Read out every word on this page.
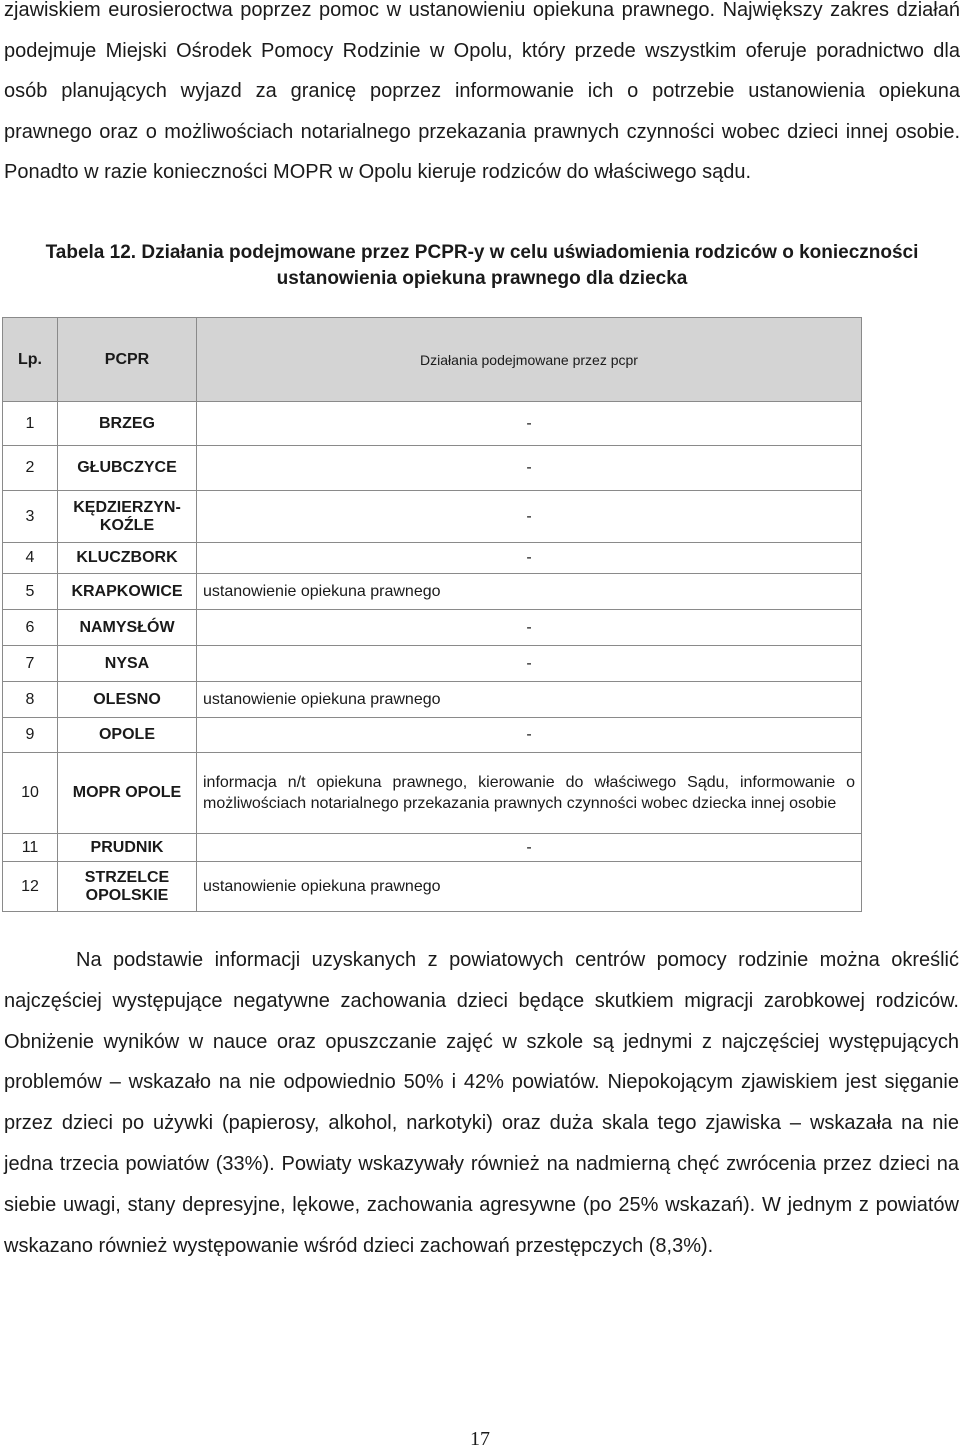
zjawiskiem eurosieroctwa poprzez pomoc w ustanowieniu opiekuna prawnego. Największy zakres działań podejmuje Miejski Ośrodek Pomocy Rodzinie w Opolu, który przede wszystkim oferuje poradnictwo dla osób planujących wyjazd za granicę poprzez informowanie ich o potrzebie ustanowienia opiekuna prawnego oraz o możliwościach notarialnego przekazania prawnych czynności wobec dzieci innej osobie. Ponadto w razie konieczności MOPR w Opolu kieruje rodziców do właściwego sądu.

Tabela 12. Działania podejmowane przez PCPR-y w celu uświadomienia rodziców o konieczności ustanowienia opiekuna prawnego dla dziecka
Lp.	PCPR	Działania podejmowane przez pcpr
1	BRZEG	-
2	GŁUBCZYCE	-
3	KĘDZIERZYN-KOŹLE	-
4	KLUCZBORK	-
5	KRAPKOWICE	ustanowienie opiekuna prawnego
6	NAMYSŁÓW	-
7	NYSA	-
8	OLESNO	ustanowienie opiekuna prawnego
9	OPOLE	-
10	MOPR OPOLE	informacja n/t opiekuna prawnego, kierowanie do właściwego Sądu, informowanie o możliwościach notarialnego przekazania prawnych czynności wobec dziecka innej osobie
11	PRUDNIK	-
12	STRZELCE OPOLSKIE	ustanowienie opiekuna prawnego

Na podstawie informacji uzyskanych z powiatowych centrów pomocy rodzinie można określić najczęściej występujące negatywne zachowania dzieci będące skutkiem migracji zarobkowej rodziców. Obniżenie wyników w nauce oraz opuszczanie zajęć w szkole są jednymi z najczęściej występujących problemów – wskazało na nie odpowiednio 50% i 42% powiatów. Niepokojącym zjawiskiem jest sięganie przez dzieci po używki (papierosy, alkohol, narkotyki) oraz duża skala tego zjawiska – wskazała na nie jedna trzecia powiatów (33%). Powiaty wskazywały również na nadmierną chęć zwrócenia przez dzieci na siebie uwagi, stany depresyjne, lękowe, zachowania agresywne (po 25% wskazań). W jednym z powiatów wskazano również występowanie wśród dzieci zachowań przestępczych (8,3%).

17
